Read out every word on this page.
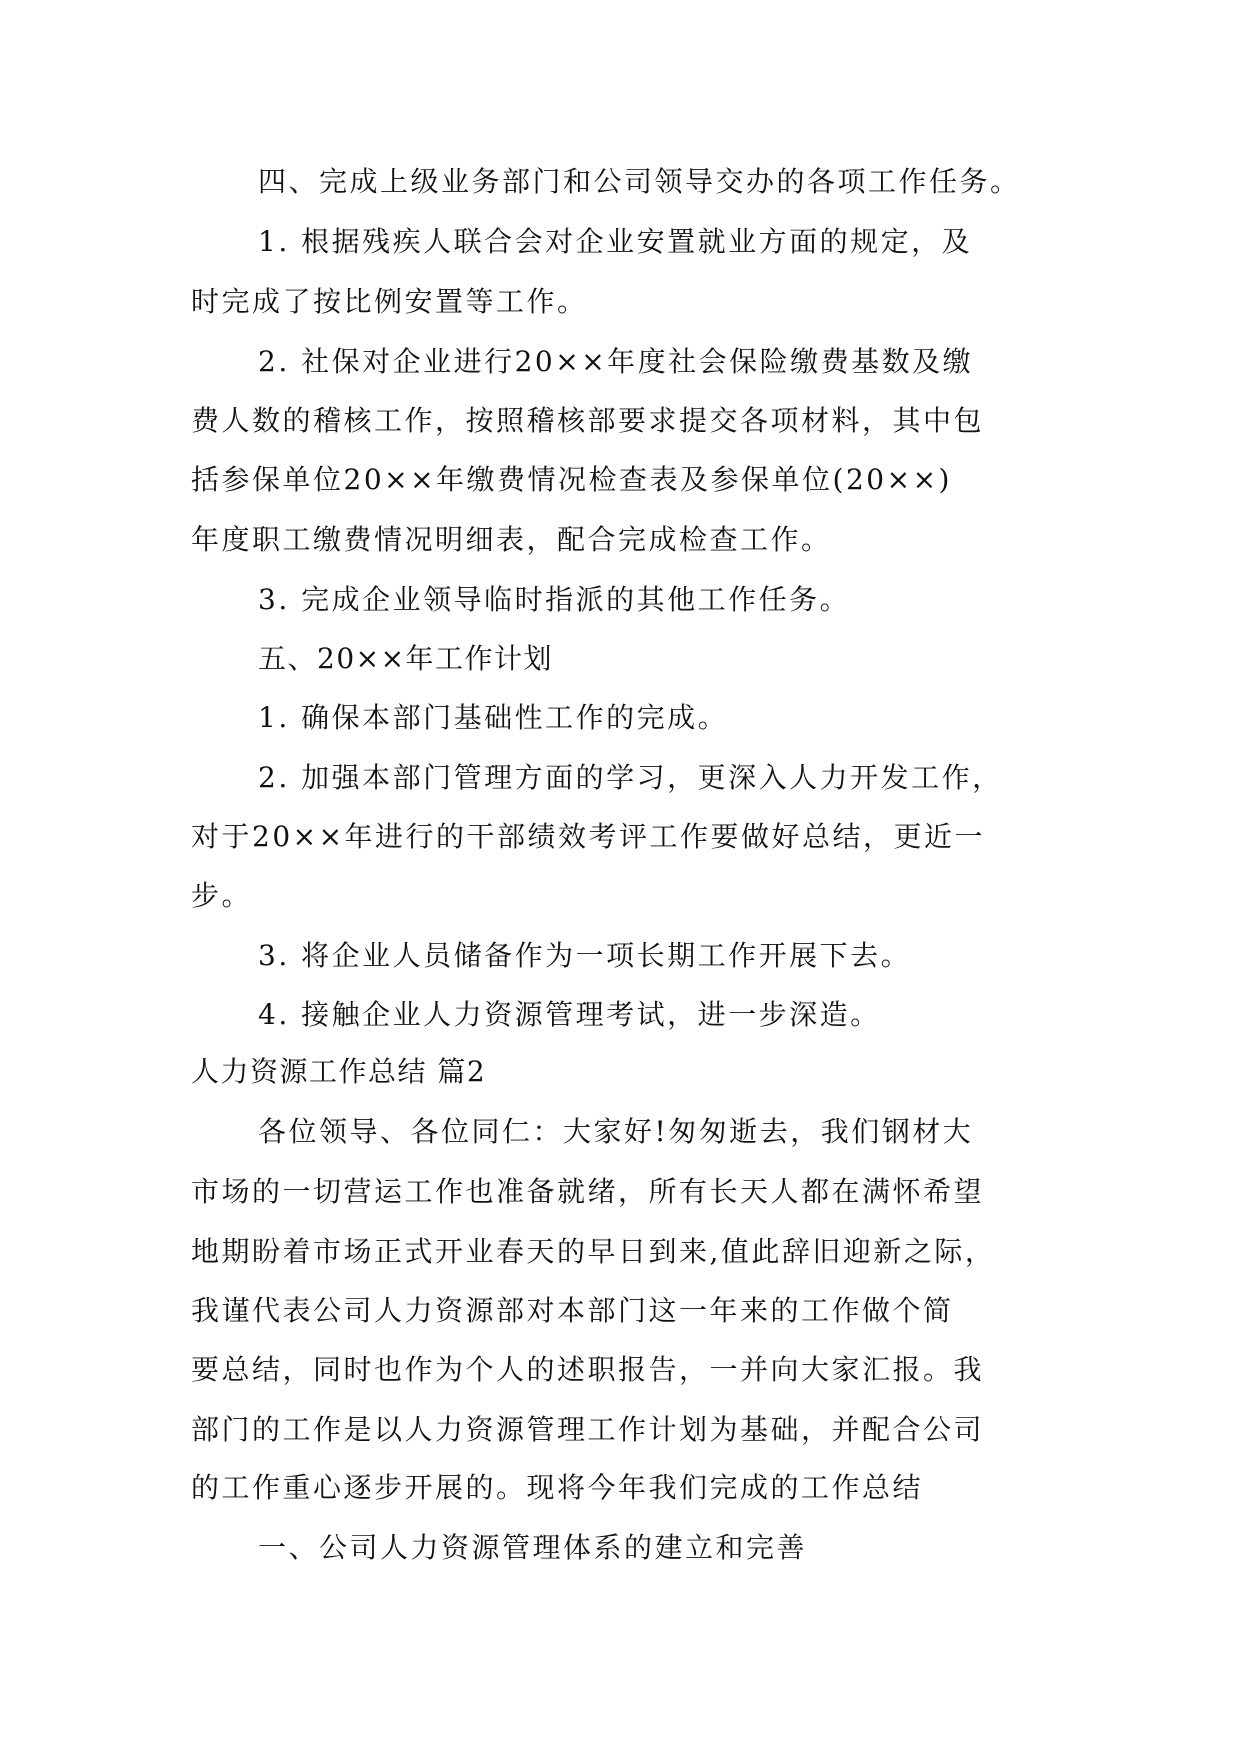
四、完成上级业务部门和公司领导交办的各项工作任务。

1. 根据残疾人联合会对企业安置就业方面的规定，及

时完成了按比例安置等工作。

2. 社保对企业进行20××年度社会保险缴费基数及缴

费人数的稽核工作，按照稽核部要求提交各项材料，其中包

括参保单位20××年缴费情况检查表及参保单位(20××)

年度职工缴费情况明细表，配合完成检查工作。

3. 完成企业领导临时指派的其他工作任务。

五、20××年工作计划

1. 确保本部门基础性工作的完成。

2. 加强本部门管理方面的学习，更深入人力开发工作，

对于20××年进行的干部绩效考评工作要做好总结，更近一

步。

3. 将企业人员储备作为一项长期工作开展下去。

4. 接触企业人力资源管理考试，进一步深造。

人力资源工作总结 篇2

各位领导、各位同仁：大家好!匆匆逝去，我们钢材大

市场的一切营运工作也准备就绪，所有长天人都在满怀希望

地期盼着市场正式开业春天的早日到来,值此辞旧迎新之际，

我谨代表公司人力资源部对本部门这一年来的工作做个简

要总结，同时也作为个人的述职报告，一并向大家汇报。我

部门的工作是以人力资源管理工作计划为基础，并配合公司

的工作重心逐步开展的。现将今年我们完成的工作总结

一、公司人力资源管理体系的建立和完善
